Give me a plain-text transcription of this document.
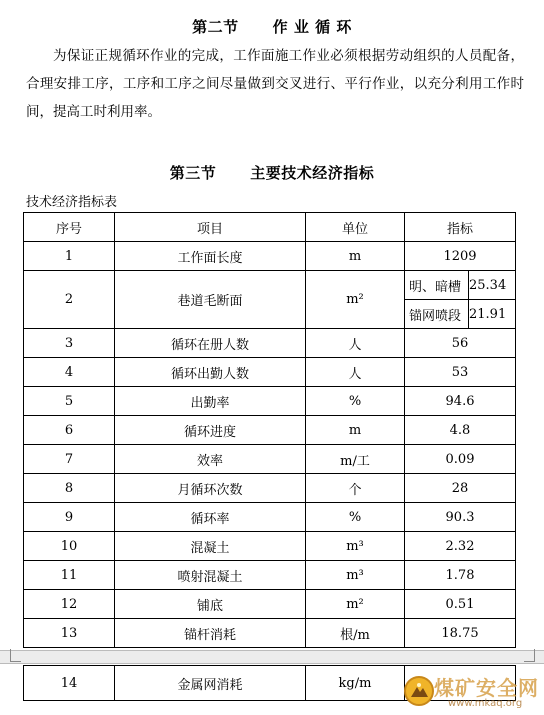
第二节 作 业 循 环
为保证正规循环作业的完成，工作面施工作业必须根据劳动组织的人员配备，合理安排工序，工序和工序之间尽量做到交叉进行、平行作业，以充分利用工作时间，提高工时利用率。
第三节 主要技术经济指标
技术经济指标表
序号	项目	单位	指标	
1	工作面长度	m	1209	
2	巷道毛断面	m²	明、暗槽	25.34
			锚网喷段	21.91
3	循环在册人数	人	56	
4	循环出勤人数	人	53	
5	出勤率	%	94.6	
6	循环进度	m	4.8	
7	效率	m/工	0.09	
8	月循环次数	个	28	
9	循环率	%	90.3	
10	混凝土	m³	2.32	
11	喷射混凝土	m³	1.78	
12	铺底	m²	0.51	
13	锚杆消耗	根/m	18.75	
14	金属网消耗	kg/m		煤矿安全网
www.mkaq.org
